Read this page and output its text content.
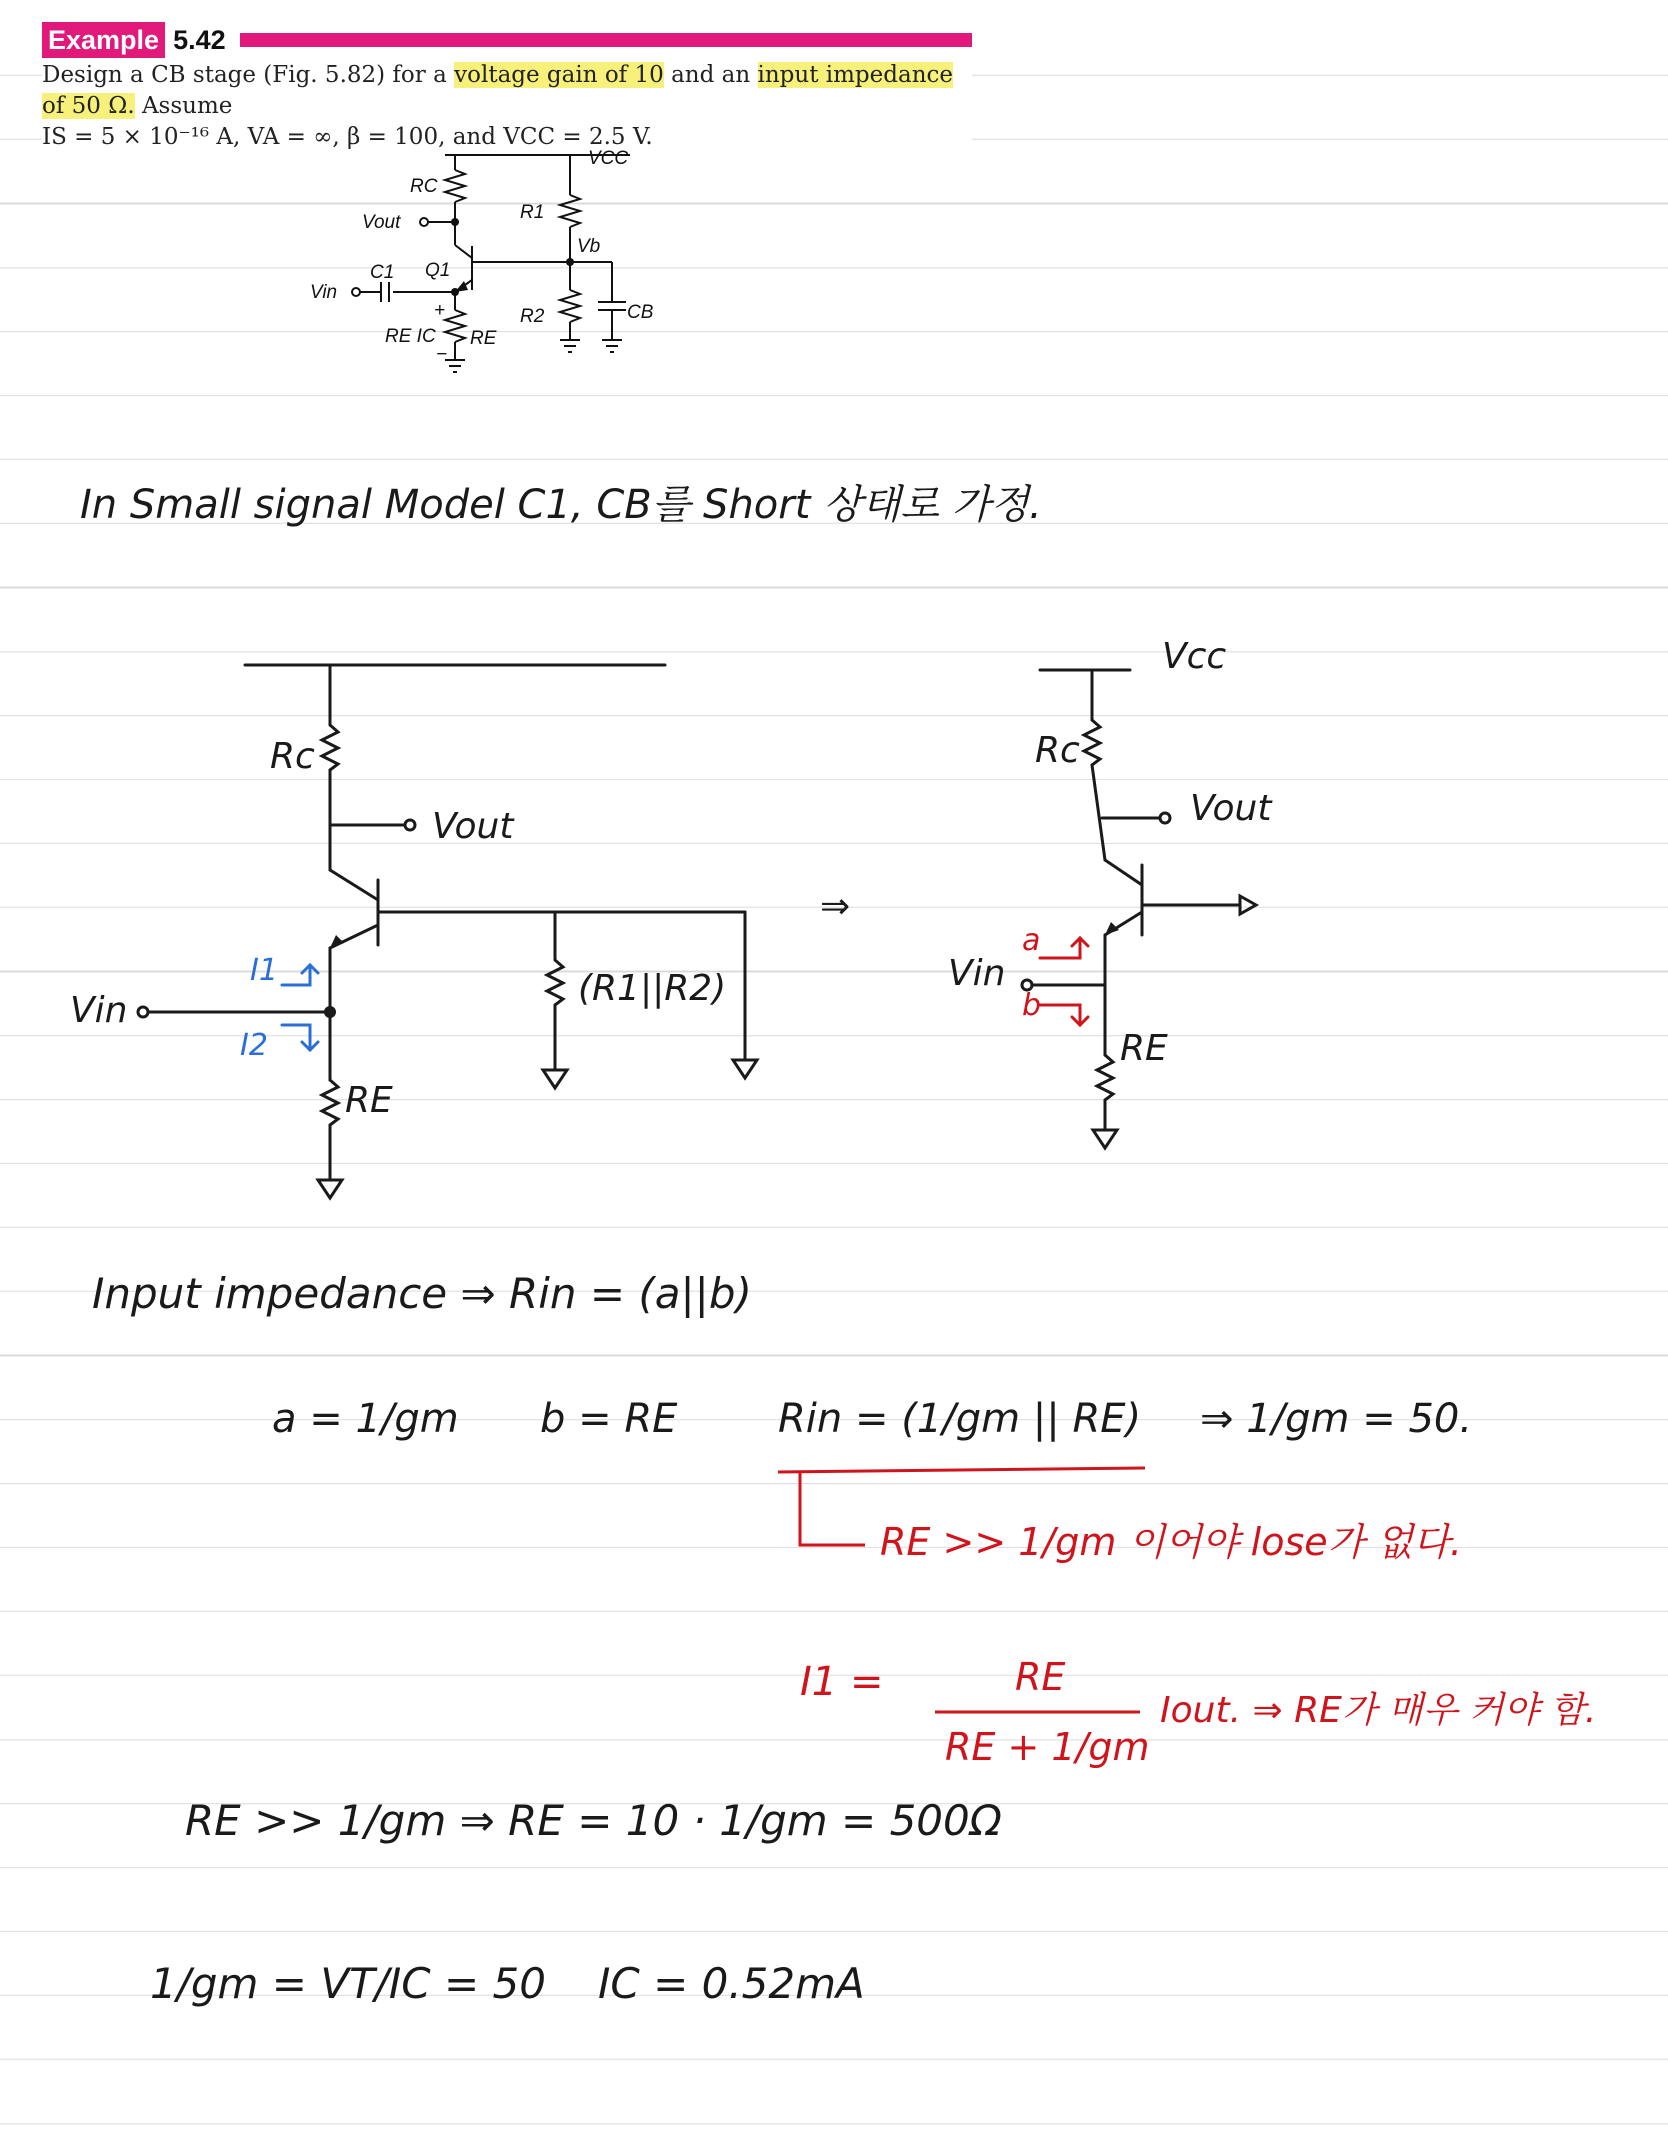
Example 5.42
Design a CB stage (Fig. 5.82) for a voltage gain of 10 and an input impedance of 50 Ω. Assume
IS = 5 × 10⁻¹⁶ A, VA = ∞, β = 100, and VCC = 2.5 V.
VCC
RC
R1
Vout
C1 Q1
Vb
Vin
R2	CB
+
−
RE IC RE
In Small signal Model C1, CB를 Short 상태로 가정.
Rc
Vout
Vin
RE
(R1||R2)
⇒
I1
I2
Vcc
Rc
Vout
Vin
RE
a
b
Input impedance ⇒ Rin = (a||b)
a = 1/gm b = RE	Rin = (1/gm || RE) ⇒ 1/gm = 50.
RE >> 1/gm 이어야 lose가 없다.
I1 =	RE
RE + 1/gm
Iout. ⇒ RE가 매우 커야 함.
RE >> 1/gm ⇒ RE = 10 · 1/gm = 500Ω
1/gm = VT/IC = 50 IC = 0.52mA
